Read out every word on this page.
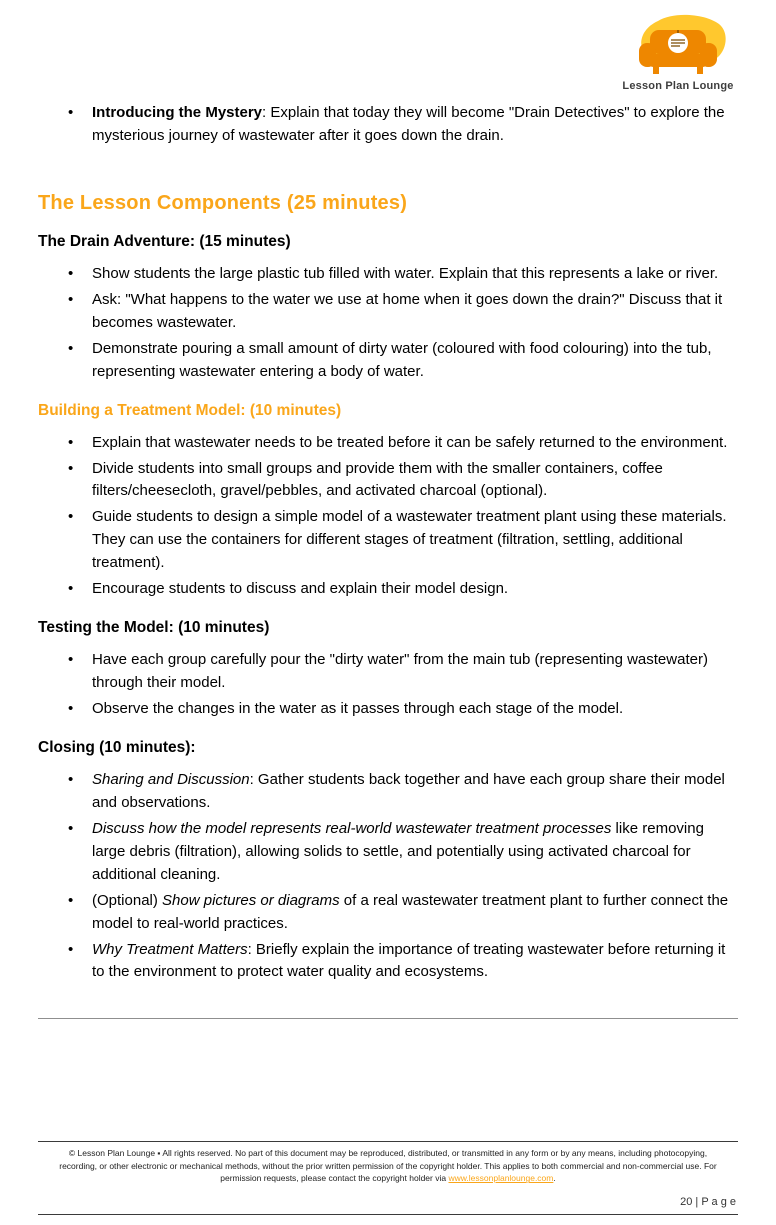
Lesson Plan Lounge
• Introducing the Mystery: Explain that today they will become "Drain Detectives" to explore the mysterious journey of wastewater after it goes down the drain.
The Lesson Components (25 minutes)
The Drain Adventure: (15 minutes)
• Show students the large plastic tub filled with water. Explain that this represents a lake or river.
• Ask: "What happens to the water we use at home when it goes down the drain?" Discuss that it becomes wastewater.
• Demonstrate pouring a small amount of dirty water (coloured with food colouring) into the tub, representing wastewater entering a body of water.
Building a Treatment Model: (10 minutes)
• Explain that wastewater needs to be treated before it can be safely returned to the environment.
• Divide students into small groups and provide them with the smaller containers, coffee filters/cheesecloth, gravel/pebbles, and activated charcoal (optional).
• Guide students to design a simple model of a wastewater treatment plant using these materials. They can use the containers for different stages of treatment (filtration, settling, additional treatment).
• Encourage students to discuss and explain their model design.
Testing the Model: (10 minutes)
• Have each group carefully pour the "dirty water" from the main tub (representing wastewater) through their model.
• Observe the changes in the water as it passes through each stage of the model.
Closing (10 minutes):
• Sharing and Discussion: Gather students back together and have each group share their model and observations.
• Discuss how the model represents real-world wastewater treatment processes like removing large debris (filtration), allowing solids to settle, and potentially using activated charcoal for additional cleaning.
• (Optional) Show pictures or diagrams of a real wastewater treatment plant to further connect the model to real-world practices.
• Why Treatment Matters: Briefly explain the importance of treating wastewater before returning it to the environment to protect water quality and ecosystems.
© Lesson Plan Lounge ▪ All rights reserved. No part of this document may be reproduced, distributed, or transmitted in any form or by any means, including photocopying, recording, or other electronic or mechanical methods, without the prior written permission of the copyright holder. This applies to both commercial and non-commercial use. For permission requests, please contact the copyright holder via www.lessonplanlounge.com.
20 | P a g e
